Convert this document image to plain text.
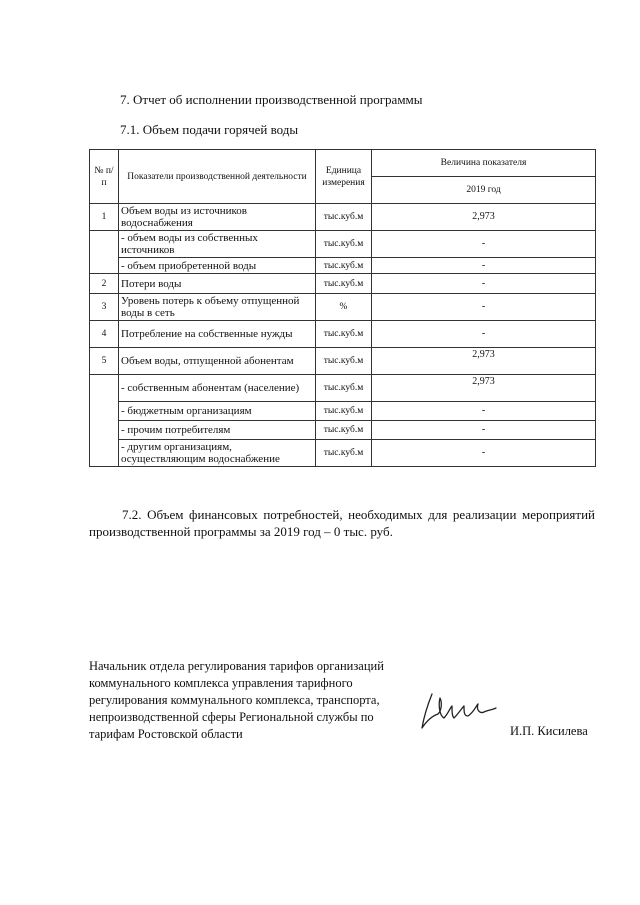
7. Отчет об исполнении производственной программы
7.1. Объем подачи горячей воды
№ п/п	Показатели производственной деятельности	Единица измерения	Величина показателя
			2019 год
1	Объем воды из источников водоснабжения	тыс.куб.м	2,973
	- объем воды из собственных источников	тыс.куб.м	-
	- объем приобретенной воды	тыс.куб.м	-
2	Потери воды	тыс.куб.м	-
3	Уровень потерь к объему отпущенной воды в сеть	%	-
4	Потребление на собственные нужды	тыс.куб.м	-
5	Объем воды, отпущенной абонентам	тыс.куб.м	2,973
	- собственным абонентам (население)	тыс.куб.м	2,973
	- бюджетным организациям	тыс.куб.м	-
	- прочим потребителям	тыс.куб.м	-
	- другим организациям, осуществляющим водоснабжение	тыс.куб.м	-
7.2. Объем финансовых потребностей, необходимых для реализации мероприятий производственной программы за 2019 год – 0 тыс. руб.
Начальник отдела регулирования тарифов организаций коммунального комплекса управления тарифного регулирования коммунального комплекса, транспорта, непроизводственной сферы Региональной службы по тарифам Ростовской области	И.П. Кисилева
